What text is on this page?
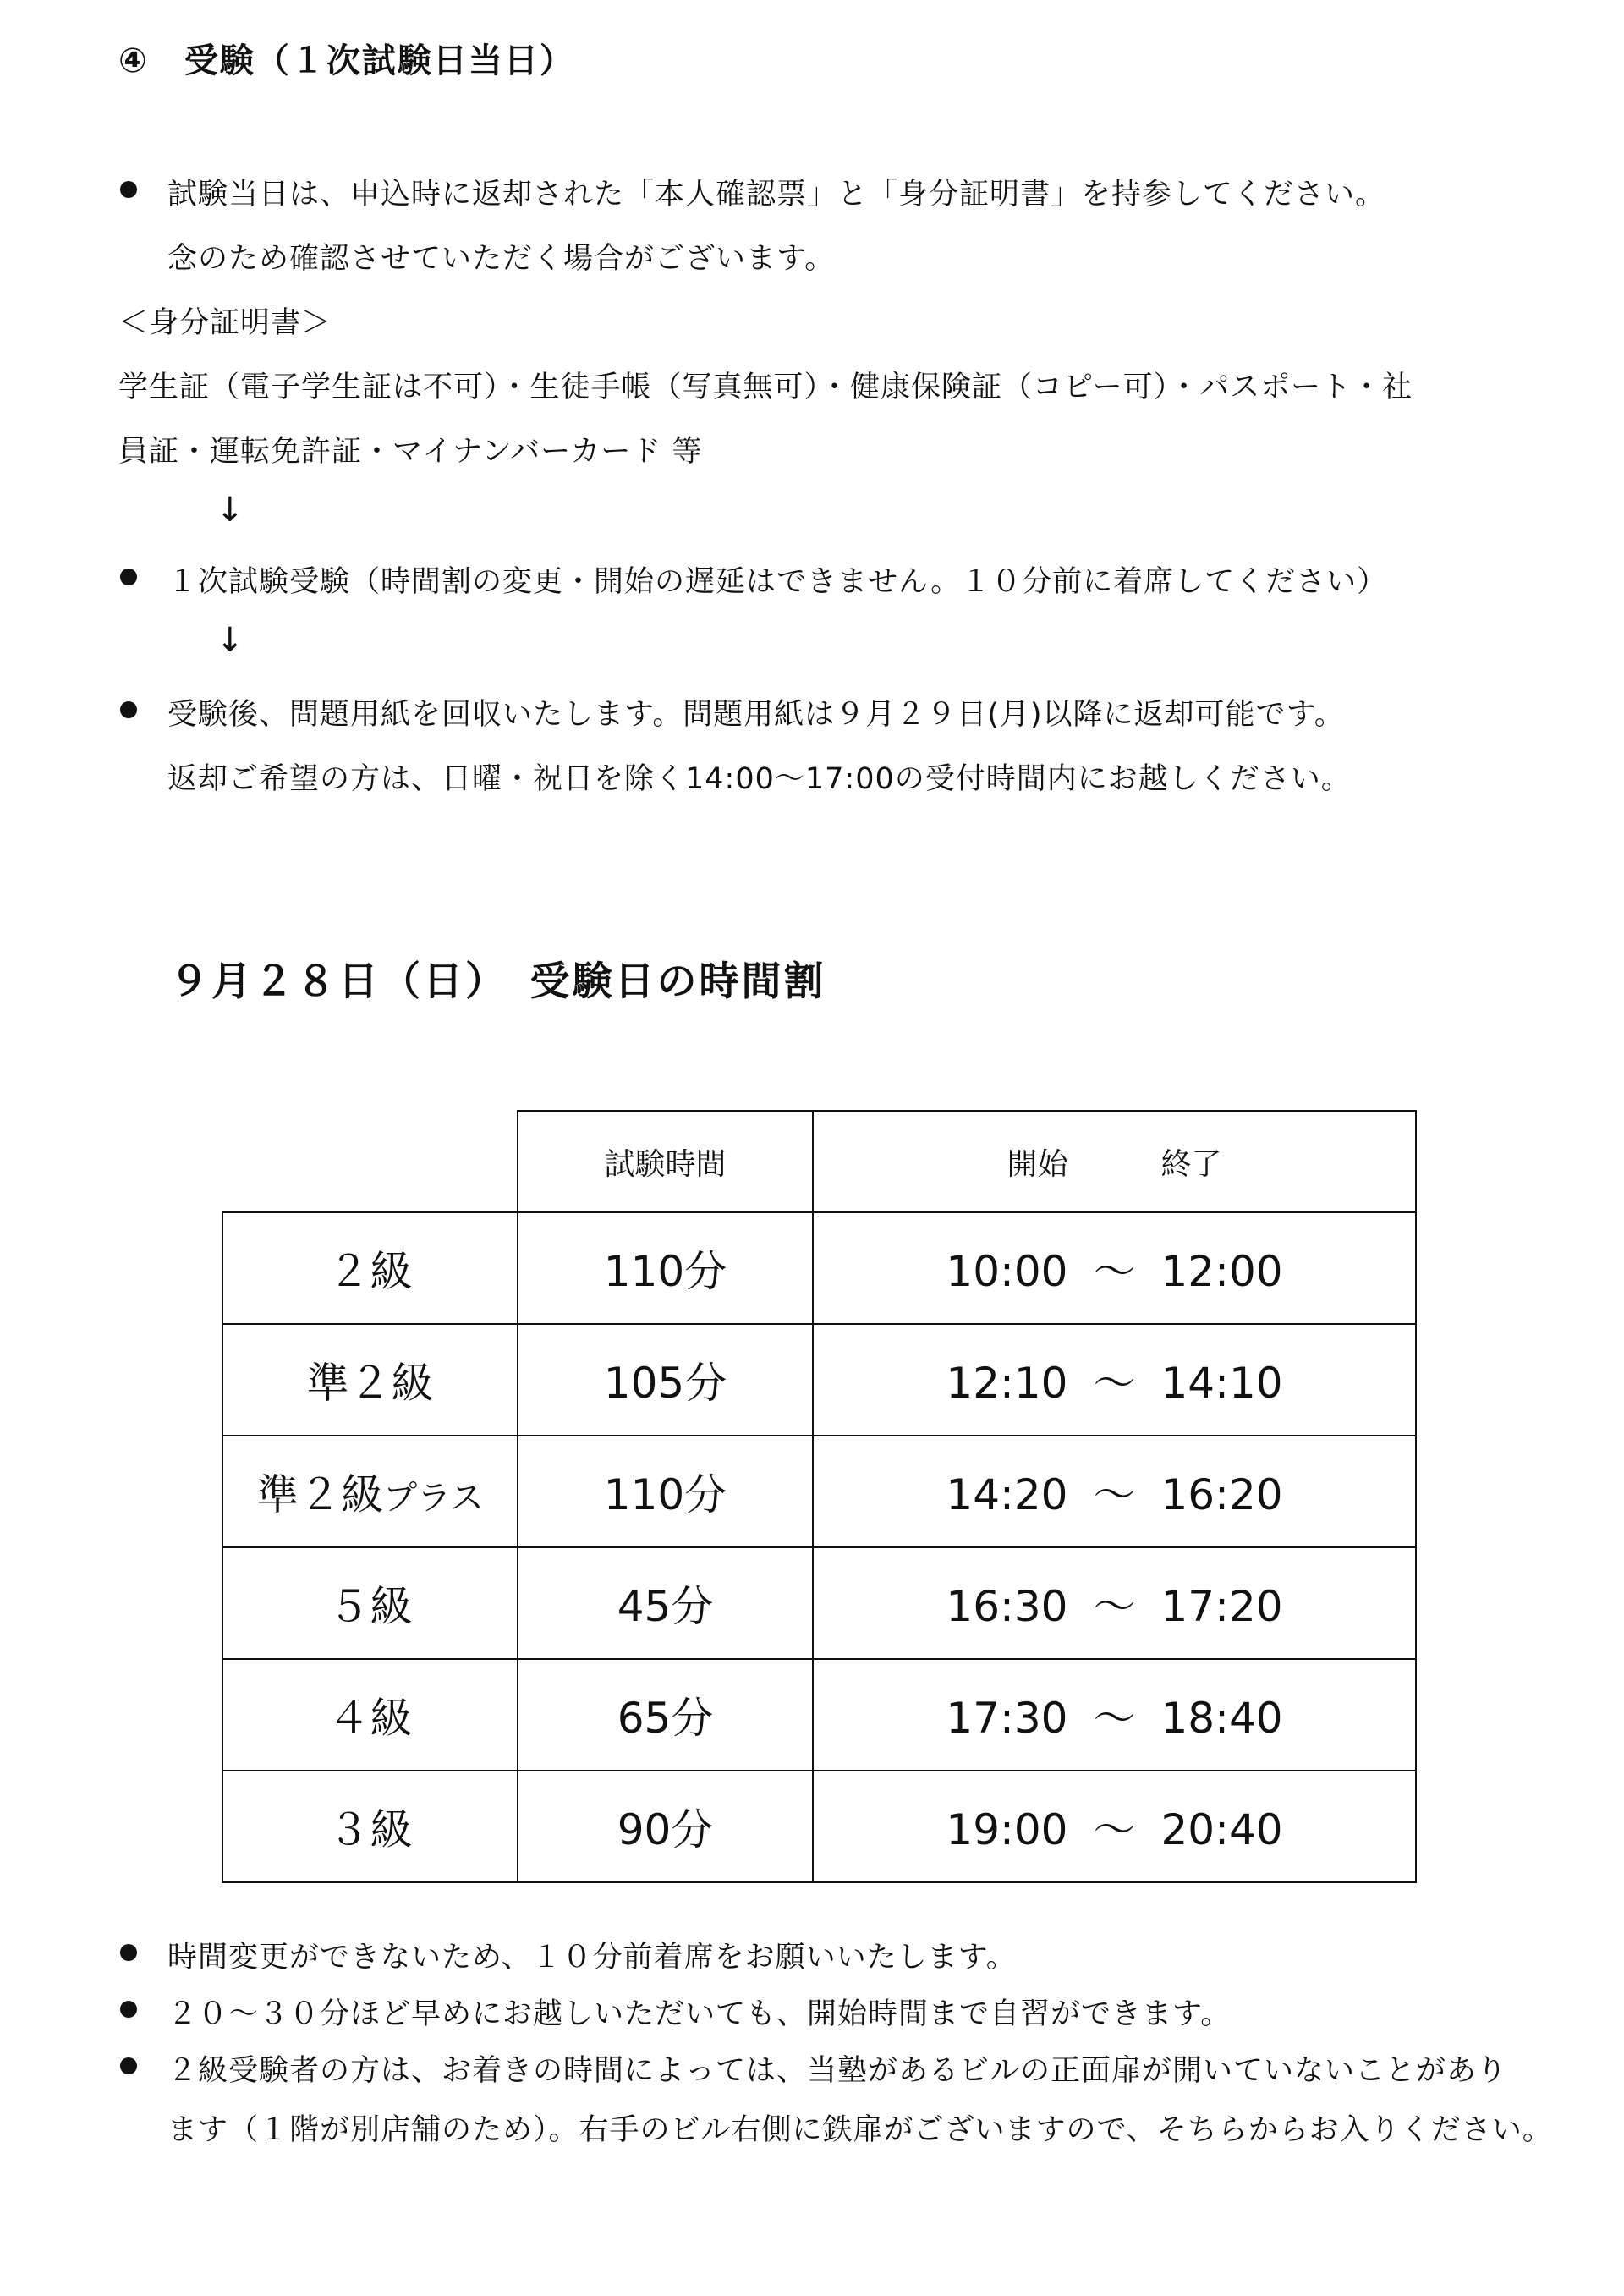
④　受験（１次試験日当日）
試験当日は、申込時に返却された「本人確認票」と「身分証明書」を持参してください。
念のため確認させていただく場合がございます。
＜身分証明書＞
学生証（電子学生証は不可）・生徒手帳（写真無可）・健康保険証（コピー可）・パスポート・社
員証・運転免許証・マイナンバーカード 等
↓
１次試験受験（時間割の変更・開始の遅延はできません。１０分前に着席してください）
↓
受験後、問題用紙を回収いたします。問題用紙は９月２９日(月)以降に返却可能です。
返却ご希望の方は、日曜・祝日を除く14:00～17:00の受付時間内にお越しください。
９月２８日（日）　受験日の時間割
	試験時間	開始 終了
２級	110分	10:00 ～ 12:00
準２級	105分	12:10 ～ 14:10
準２級プラス	110分	14:20 ～ 16:20
５級	45分	16:30 ～ 17:20
４級	65分	17:30 ～ 18:40
３級	90分	19:00 ～ 20:40
時間変更ができないため、１０分前着席をお願いいたします。
２０～３０分ほど早めにお越しいただいても、開始時間まで自習ができます。
２級受験者の方は、お着きの時間によっては、当塾があるビルの正面扉が開いていないことがあり
ます（１階が別店舗のため）。右手のビル右側に鉄扉がございますので、そちらからお入りください。
